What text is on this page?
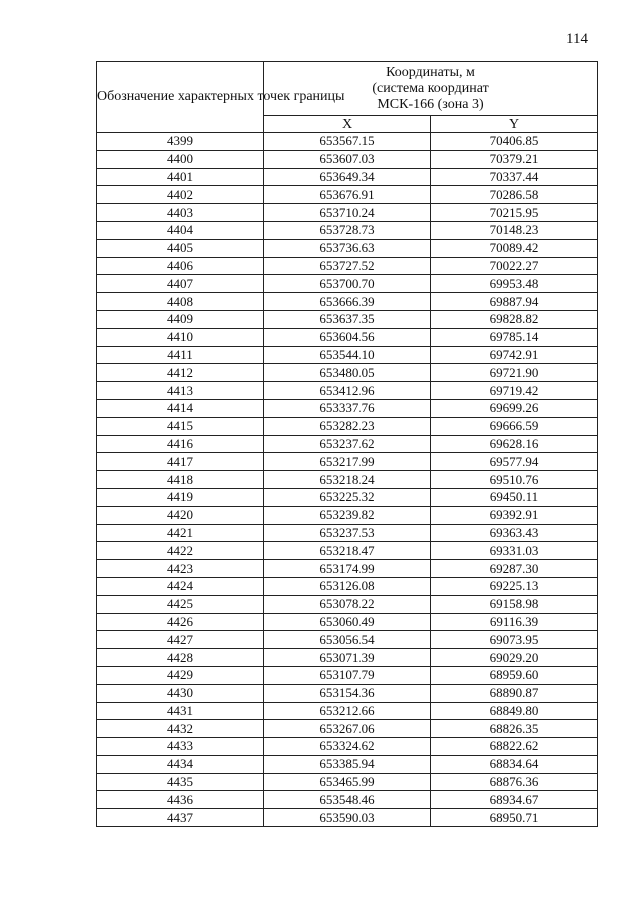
114
Обозначение характерных точек границы	Координаты, м
(система координат
МСК-166 (зона 3)	

	X	Y
4399	653567.15	70406.85
4400	653607.03	70379.21
4401	653649.34	70337.44
4402	653676.91	70286.58
4403	653710.24	70215.95
4404	653728.73	70148.23
4405	653736.63	70089.42
4406	653727.52	70022.27
4407	653700.70	69953.48
4408	653666.39	69887.94
4409	653637.35	69828.82
4410	653604.56	69785.14
4411	653544.10	69742.91
4412	653480.05	69721.90
4413	653412.96	69719.42
4414	653337.76	69699.26
4415	653282.23	69666.59
4416	653237.62	69628.16
4417	653217.99	69577.94
4418	653218.24	69510.76
4419	653225.32	69450.11
4420	653239.82	69392.91
4421	653237.53	69363.43
4422	653218.47	69331.03
4423	653174.99	69287.30
4424	653126.08	69225.13
4425	653078.22	69158.98
4426	653060.49	69116.39
4427	653056.54	69073.95
4428	653071.39	69029.20
4429	653107.79	68959.60
4430	653154.36	68890.87
4431	653212.66	68849.80
4432	653267.06	68826.35
4433	653324.62	68822.62
4434	653385.94	68834.64
4435	653465.99	68876.36
4436	653548.46	68934.67
4437	653590.03	68950.71
